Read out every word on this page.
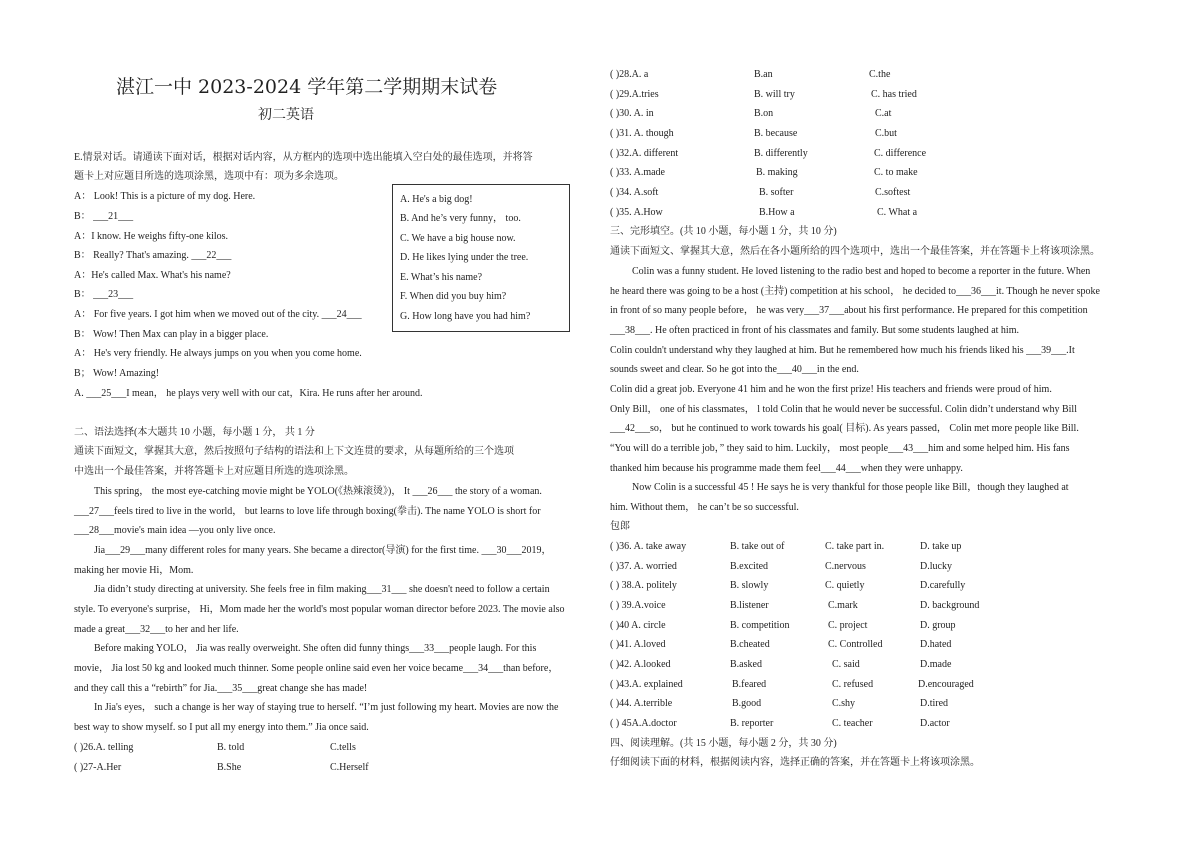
湛江一中 2023-2024 学年第二学期期末试卷
初二英语
E.情景对话。请通读下面对话，根据对话内容，从方框内的选项中选出能填入空白处的最佳选项，并将答
题卡上对应题目所选的选项涂黑，选项中有：项为多余选项。
A： Look! This is a picture of my dog. Here.
B： ___21___
A：I know. He weighs fifty-one kilos.
B： Really? That's amazing. ___22___
A：He's called Max. What's his name?
B： ___23___
A： For five years. I got him when we moved out of the city. ___24___
B： Wow! Then Max can play in a bigger place.
A： He's very friendly. He always jumps on you when you come home.
B； Wow! Amazing!
A. ___25___I mean， he plays very well with our cat，Kira. He runs after her around.
A. He's a big dog!
B. And he’s very funny， too.
C. We have a big house now.
D. He likes lying under the tree.
E. What’s his name?
F. When did you buy him?
G. How long have you had him?
二、语法选择(本大题共 10 小题，每小题 1 分， 共 1 分
通读下面短文，掌握其大意，然后按照句子结构的语法和上下文连贯的要求，从每题所给的三个选项
中选出一个最佳答案，并将答题卡上对应题目所选的选项涂黑。
This spring， the most eye-catching movie might be YOLO(《热辣滚烫》)， It ___26___ the story of a woman.
___27___feels tired to live in the world， but learns to love life through boxing(拳击). The name YOLO is short for
___28___movie's main idea —you only live once.
Jia___29___many different roles for many years. She became a director(导演) for the first time. ___30___2019，
making her movie Hi，Mom.
Jia didn’t study directing at university. She feels free in film making___31___ she doesn't need to follow a certain
style. To everyone's surprise， Hi，Mom made her the world's most popular woman director before 2023. The movie also
made a great___32___to her and her life.
Before making YOLO， Jia was really overweight. She often did funny things___33___people laugh. For this
movie， Jia lost 50 kg and looked much thinner. Some people online said even her voice became___34___than before，
and they call this a “rebirth” for Jia.___35___great change she has made!
In Jia's eyes， such a change is her way of staying true to herself. “I’m just following my heart. Movies are now the
best way to show myself. so I put all my energy into them.” Jia once said.
( )26.A. telling	B. told	C.tells
( )27-A.Her	B.She	C.Herself
( )28.A. a	B.an	C.the
( )29.A.tries	B. will try	C. has tried
( )30. A. in	B.on	C.at
( )31. A. though	B. because	C.but
( )32.A. different	B. differently	C. difference
( )33. A.made	B. making	C. to make
( )34. A.soft	B. softer	C.softest
( )35. A.How	B.How a	C. What a
三、完形填空。(共 10 小题，每小题 1 分，共 10 分)
通读下面短文、掌握其大意，然后在各小题所给的四个选项中，选出一个最佳答案，并在答题卡上将该项涂黑。
Colin was a funny student. He loved listening to the radio best and hoped to become a reporter in the future. When
he heard there was going to be a host (主持) competition at his school， he decided to___36___it. Though he never spoke
in front of so many people before， he was very___37___about his first performance. He prepared for this competition
___38___. He often practiced in front of his classmates and family. But some students laughed at him.
Colin couldn't understand why they laughed at him. But he remembered how much his friends liked his ___39___.It
sounds sweet and clear. So he got into the___40___in the end.
Colin did a great job. Everyone 41 him and he won the first prize! His teachers and friends were proud of him.
Only Bill， one of his classmates， l told Colin that he would never be successful. Colin didn’t understand why Bill
___42___so， but he continued to work towards his goal( 目标). As years passed， Colin met more people like Bill.
“You will do a terrible job，” they said to him. Luckily， most people___43___him and some helped him. His fans
thanked him because his programme made them feel___44___when they were unhappy.
Now Colin is a successful 45 ! He says he is very thankful for those people like Bill，though they laughed at
him. Without them， he can’t be so successful.
包郎
( )36. A. take away	B. take out of	C. take part in.	D. take up
( )37. A. worried	B.excited	C.nervous	D.lucky
( ) 38.A. politely	B. slowly	C. quietly	D.carefully
( ) 39.A.voice	B.listener	C.mark	D. background
( )40 A. circle	B. competition	C. project	D. group
( )41. A.loved	B.cheated	C. Controlled	D.hated
( )42. A.looked	B.asked	C. said	D.made
( )43.A. explained	B.feared	C. refused	D.encouraged
( )44. A.terrible	B.good	C.shy	D.tired
( ) 45A.A.doctor	B. reporter	C. teacher	D.actor
四、阅读理解。(共 15 小题，每小题 2 分，共 30 分)
仔细阅读下面的材料，根据阅读内容，选择正确的答案，并在答题卡上将该项涂黑。
